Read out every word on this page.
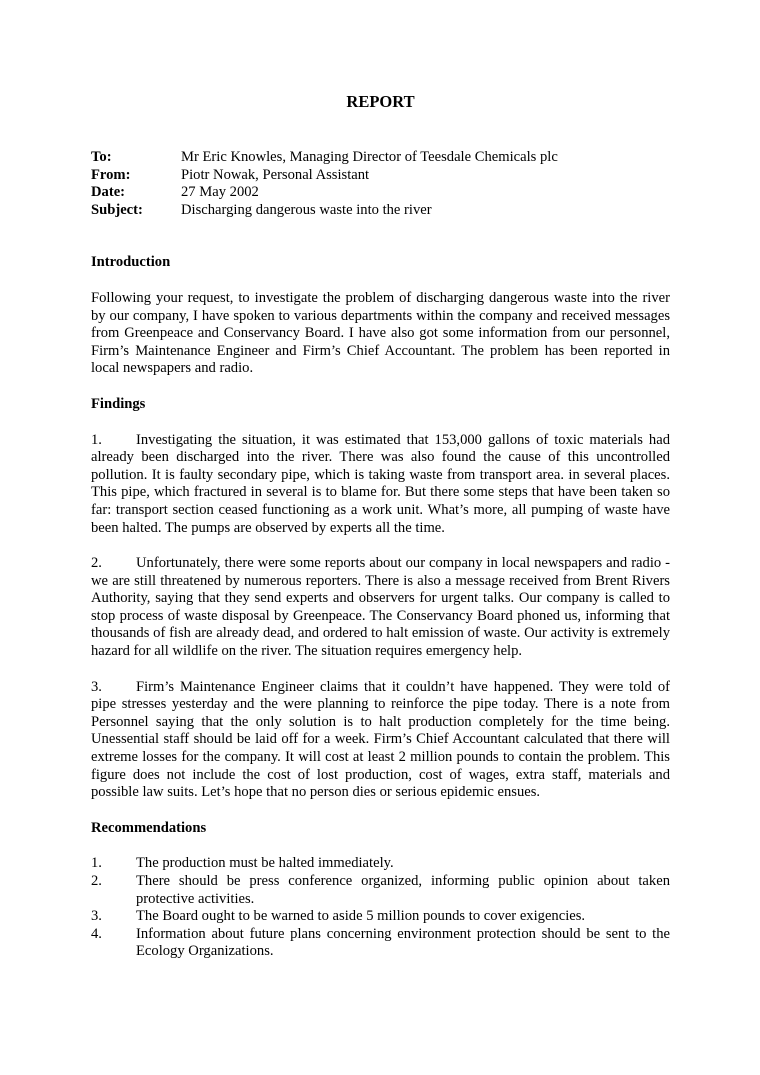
REPORT
To:	Mr Eric Knowles, Managing Director of Teesdale Chemicals plc
From:	Piotr Nowak, Personal Assistant
Date:	27 May 2002
Subject:	Discharging dangerous waste into the river
Introduction

Following your request, to investigate the problem of discharging dangerous waste into the river by our company, I have spoken to various departments within the company and received messages from Greenpeace and Conservancy Board. I have also got some information from our personnel, Firm’s Maintenance Engineer and Firm’s Chief Accountant. The problem has been reported in local newspapers and radio.

Findings

1. Investigating the situation, it was estimated that 153,000 gallons of toxic materials had already been discharged into the river. There was also found the cause of this uncontrolled pollution. It is faulty secondary pipe, which is taking waste from transport area. in several places. This pipe, which fractured in several is to blame for. But there some steps that have been taken so far: transport section ceased functioning as a work unit. What’s more, all pumping of waste have been halted. The pumps are observed by experts all the time.

2. Unfortunately, there were some reports about our company in local newspapers and radio - we are still threatened by numerous reporters. There is also a message received from Brent Rivers Authority, saying that they send experts and observers for urgent talks. Our company is called to stop process of waste disposal by Greenpeace. The Conservancy Board phoned us, informing that thousands of fish are already dead, and ordered to halt emission of waste. Our activity is extremely hazard for all wildlife on the river. The situation requires emergency help.

3. Firm’s Maintenance Engineer claims that it couldn’t have happened. They were told of pipe stresses yesterday and the were planning to reinforce the pipe today. There is a note from Personnel saying that the only solution is to halt production completely for the time being. Unessential staff should be laid off for a week. Firm’s Chief Accountant calculated that there will extreme losses for the company. It will cost at least 2 million pounds to contain the problem. This figure does not include the cost of lost production, cost of wages, extra staff, materials and possible law suits. Let’s hope that no person dies or serious epidemic ensues.

Recommendations
1.	The production must be halted immediately.
2.	There should be press conference organized, informing public opinion about taken protective activities.
3.	The Board ought to be warned to aside 5 million pounds to cover exigencies.
4.	Information about future plans concerning environment protection should be sent to the Ecology Organizations.
